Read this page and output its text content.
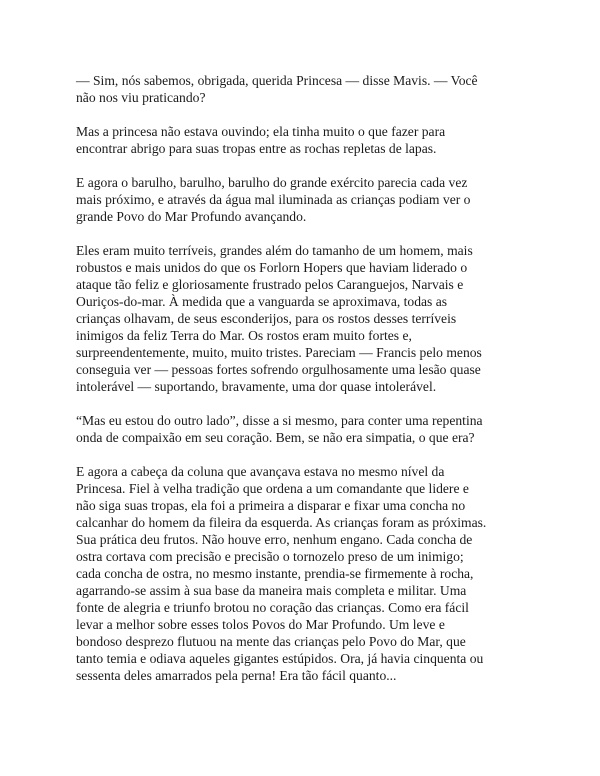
— Sim, nós sabemos, obrigada, querida Princesa — disse Mavis. — Você
não nos viu praticando?

Mas a princesa não estava ouvindo; ela tinha muito o que fazer para
encontrar abrigo para suas tropas entre as rochas repletas de lapas.

E agora o barulho, barulho, barulho do grande exército parecia cada vez
mais próximo, e através da água mal iluminada as crianças podiam ver o
grande Povo do Mar Profundo avançando.

Eles eram muito terríveis, grandes além do tamanho de um homem, mais
robustos e mais unidos do que os Forlorn Hopers que haviam liderado o
ataque tão feliz e gloriosamente frustrado pelos Caranguejos, Narvais e
Ouriços-do-mar. À medida que a vanguarda se aproximava, todas as
crianças olhavam, de seus esconderijos, para os rostos desses terríveis
inimigos da feliz Terra do Mar. Os rostos eram muito fortes e,
surpreendentemente, muito, muito tristes. Pareciam — Francis pelo menos
conseguia ver — pessoas fortes sofrendo orgulhosamente uma lesão quase
intolerável — suportando, bravamente, uma dor quase intolerável.

“Mas eu estou do outro lado”, disse a si mesmo, para conter uma repentina
onda de compaixão em seu coração. Bem, se não era simpatia, o que era?

E agora a cabeça da coluna que avançava estava no mesmo nível da
Princesa. Fiel à velha tradição que ordena a um comandante que lidere e
não siga suas tropas, ela foi a primeira a disparar e fixar uma concha no
calcanhar do homem da fileira da esquerda. As crianças foram as próximas.
Sua prática deu frutos. Não houve erro, nenhum engano. Cada concha de
ostra cortava com precisão e precisão o tornozelo preso de um inimigo;
cada concha de ostra, no mesmo instante, prendia-se firmemente à rocha,
agarrando-se assim à sua base da maneira mais completa e militar. Uma
fonte de alegria e triunfo brotou no coração das crianças. Como era fácil
levar a melhor sobre esses tolos Povos do Mar Profundo. Um leve e
bondoso desprezo flutuou na mente das crianças pelo Povo do Mar, que
tanto temia e odiava aqueles gigantes estúpidos. Ora, já havia cinquenta ou
sessenta deles amarrados pela perna! Era tão fácil quanto...
